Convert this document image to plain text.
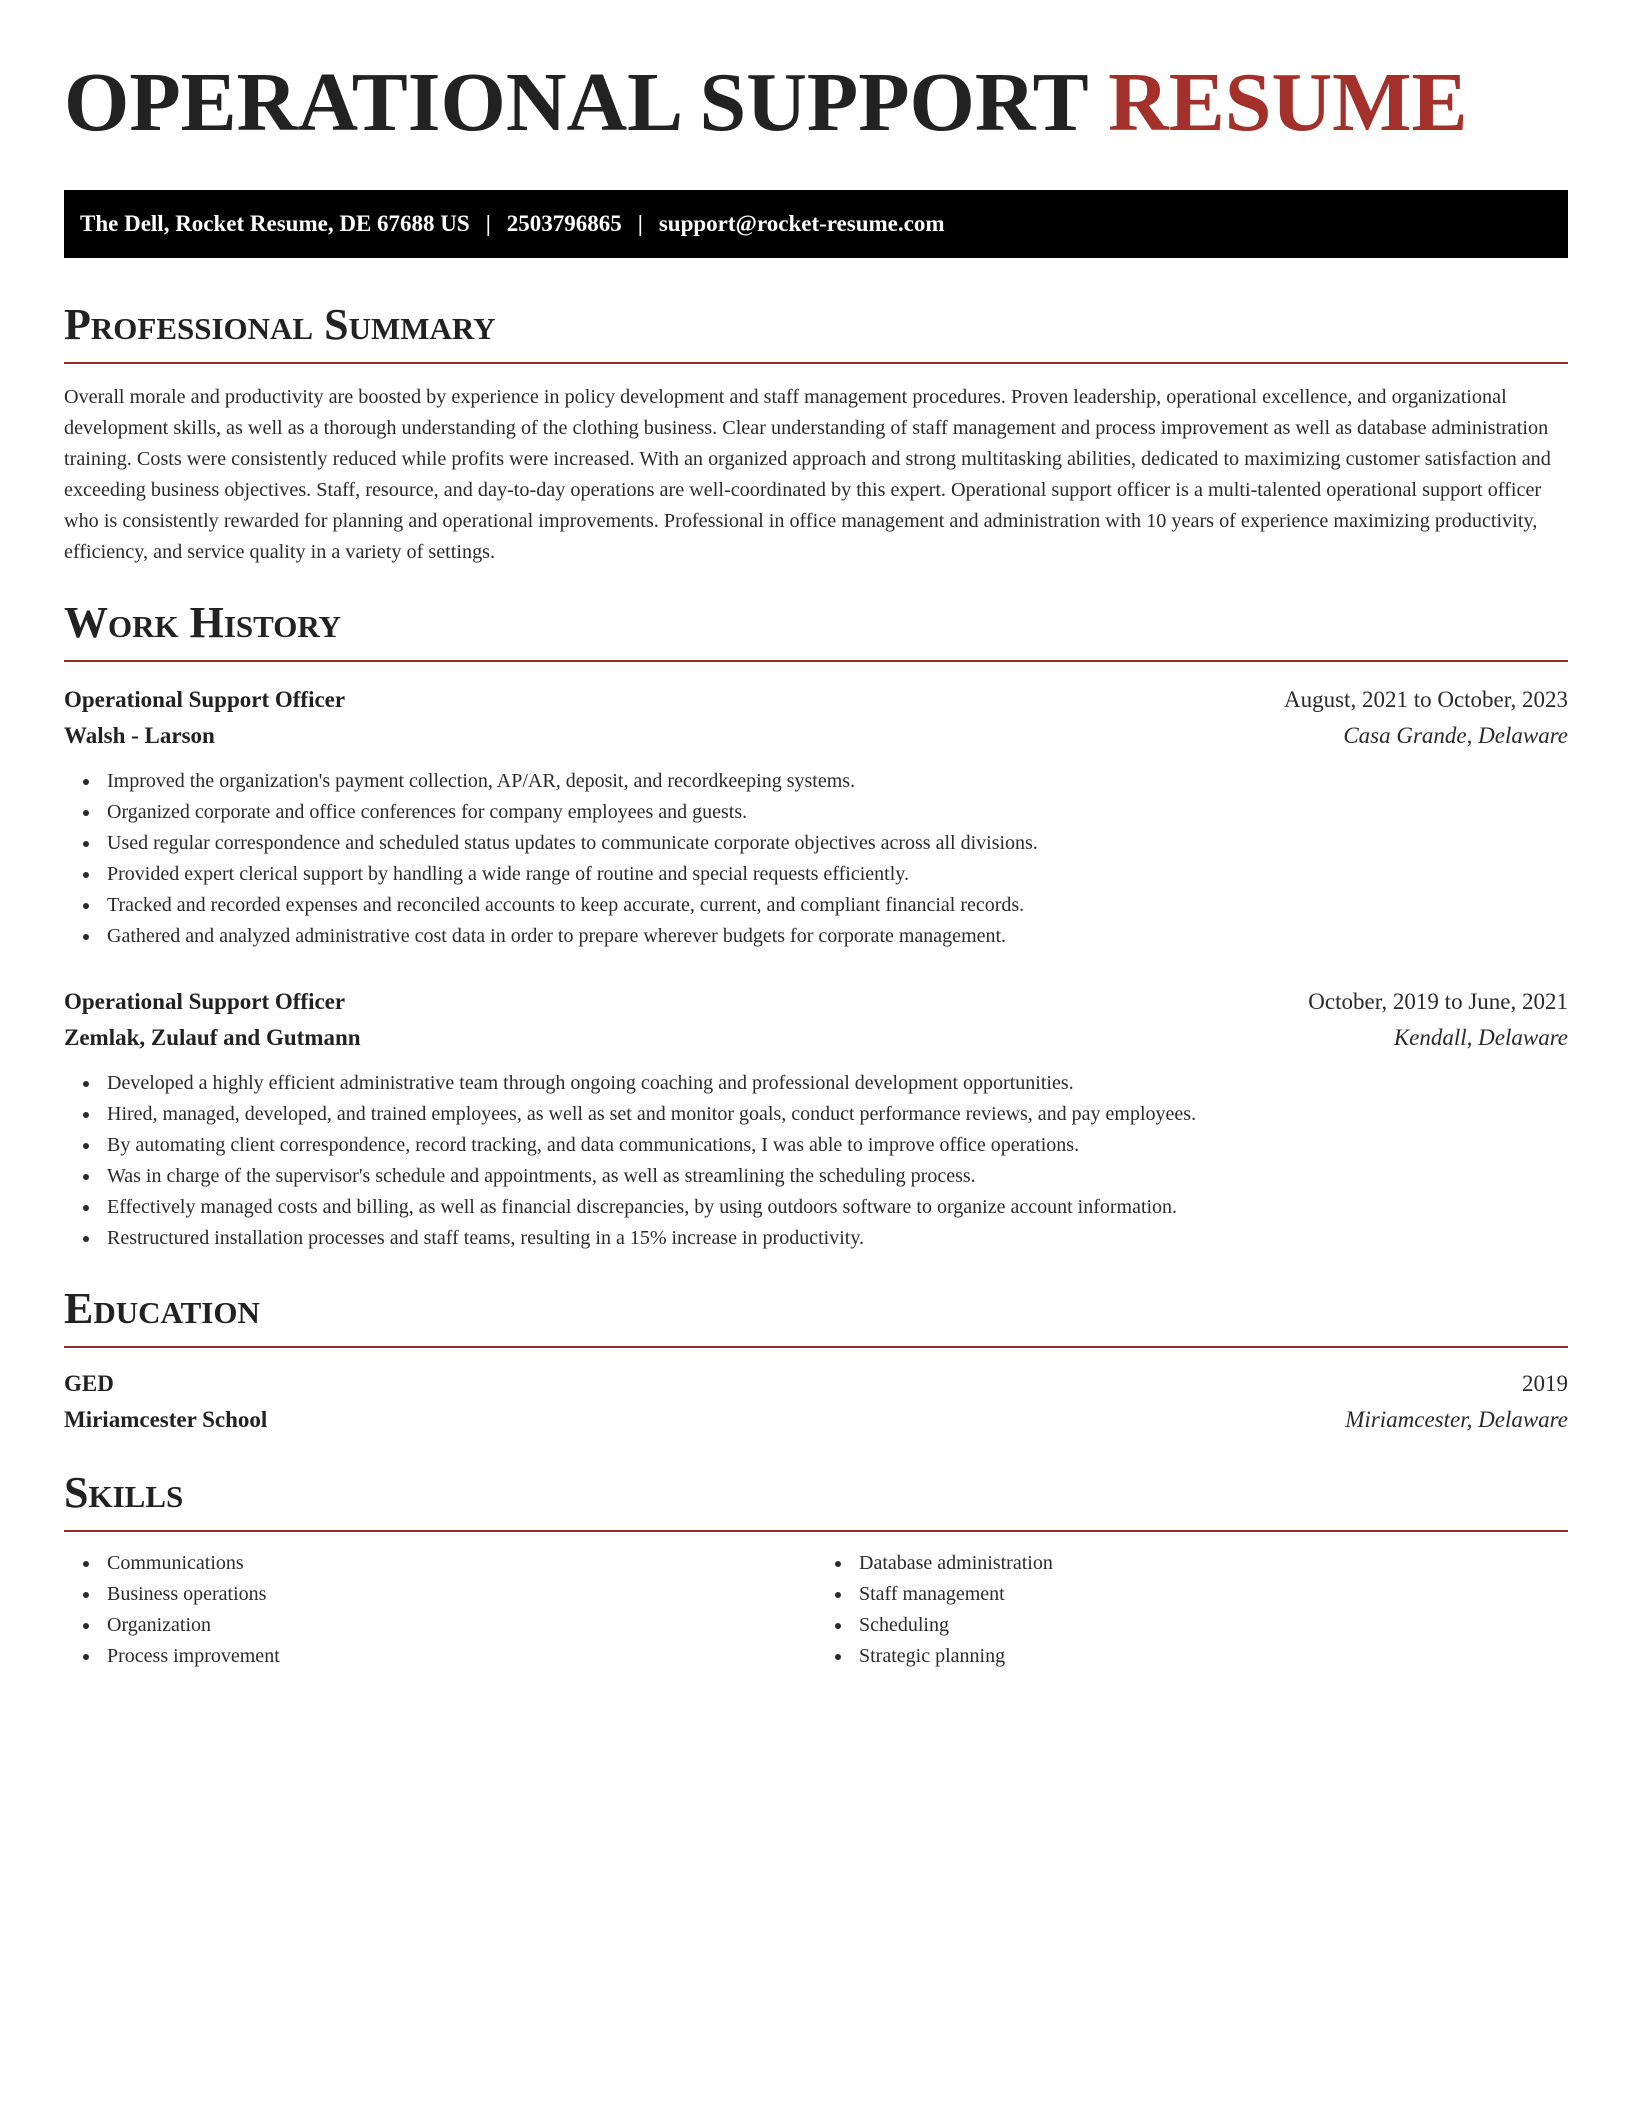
OPERATIONAL SUPPORT RESUME
The Dell, Rocket Resume, DE 67688 US | 2503796865 | support@rocket-resume.com
Professional Summary

Overall morale and productivity are boosted by experience in policy development and staff management procedures. Proven leadership, operational excellence, and organizational development skills, as well as a thorough understanding of the clothing business. Clear understanding of staff management and process improvement as well as database administration training. Costs were consistently reduced while profits were increased. With an organized approach and strong multitasking abilities, dedicated to maximizing customer satisfaction and exceeding business objectives. Staff, resource, and day-to-day operations are well-coordinated by this expert. Operational support officer is a multi-talented operational support officer who is consistently rewarded for planning and operational improvements. Professional in office management and administration with 10 years of experience maximizing productivity, efficiency, and service quality in a variety of settings.

Work History
Operational Support Officer	August, 2021 to October, 2023
Walsh - Larson	Casa Grande, Delaware
Improved the organization's payment collection, AP/AR, deposit, and recordkeeping systems.
Organized corporate and office conferences for company employees and guests.
Used regular correspondence and scheduled status updates to communicate corporate objectives across all divisions.
Provided expert clerical support by handling a wide range of routine and special requests efficiently.
Tracked and recorded expenses and reconciled accounts to keep accurate, current, and compliant financial records.
Gathered and analyzed administrative cost data in order to prepare wherever budgets for corporate management.
Operational Support Officer	October, 2019 to June, 2021
Zemlak, Zulauf and Gutmann	Kendall, Delaware
Developed a highly efficient administrative team through ongoing coaching and professional development opportunities.
Hired, managed, developed, and trained employees, as well as set and monitor goals, conduct performance reviews, and pay employees.
By automating client correspondence, record tracking, and data communications, I was able to improve office operations.
Was in charge of the supervisor's schedule and appointments, as well as streamlining the scheduling process.
Effectively managed costs and billing, as well as financial discrepancies, by using outdoors software to organize account information.
Restructured installation processes and staff teams, resulting in a 15% increase in productivity.
Education
GED	2019
Miriamcester School	Miriamcester, Delaware
Skills
Communications
Business operations
Organization
Process improvement
Database administration
Staff management
Scheduling
Strategic planning
